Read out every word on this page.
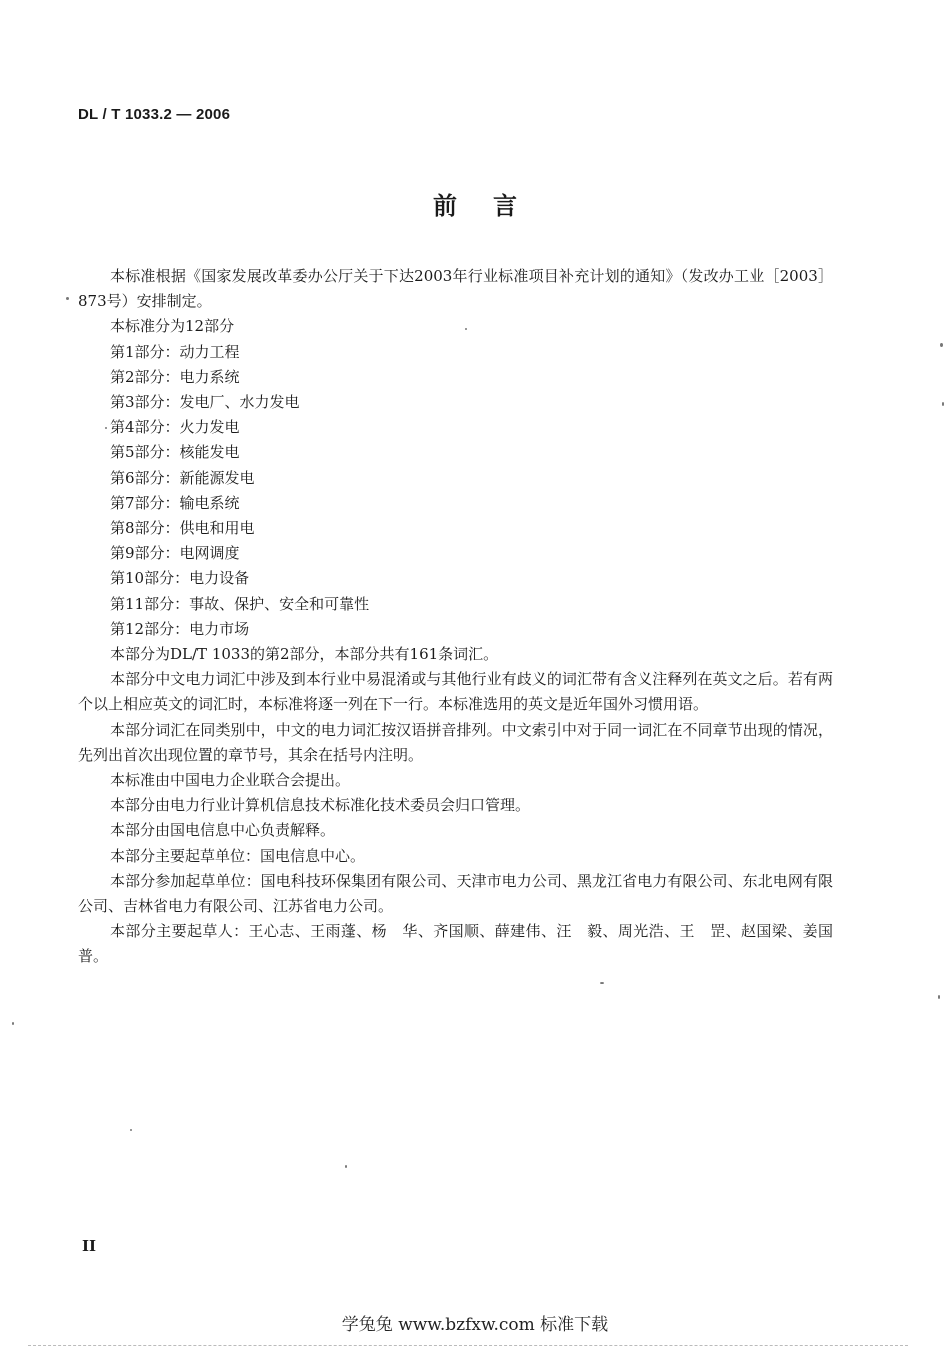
DL / T 1033.2 — 2006
前言

本标准根据《国家发展改革委办公厅关于下达2003年行业标准项目补充计划的通知》（发改办工业［2003］873号）安排制定。

本标准分为12部分

第1部分：动力工程

第2部分：电力系统

第3部分：发电厂、水力发电

第4部分：火力发电

第5部分：核能发电

第6部分：新能源发电

第7部分：输电系统

第8部分：供电和用电

第9部分：电网调度

第10部分：电力设备

第11部分：事故、保护、安全和可靠性

第12部分：电力市场

本部分为DL/T 1033的第2部分，本部分共有161条词汇。

本部分中文电力词汇中涉及到本行业中易混淆或与其他行业有歧义的词汇带有含义注释列在英文之后。若有两个以上相应英文的词汇时，本标准将逐一列在下一行。本标准选用的英文是近年国外习惯用语。

本部分词汇在同类别中，中文的电力词汇按汉语拼音排列。中文索引中对于同一词汇在不同章节出现的情况，先列出首次出现位置的章节号，其余在括号内注明。

本标准由中国电力企业联合会提出。

本部分由电力行业计算机信息技术标准化技术委员会归口管理。

本部分由国电信息中心负责解释。

本部分主要起草单位：国电信息中心。

本部分参加起草单位：国电科技环保集团有限公司、天津市电力公司、黑龙江省电力有限公司、东北电网有限公司、吉林省电力有限公司、江苏省电力公司。

本部分主要起草人：王心志、王雨蓬、杨　华、齐国顺、薛建伟、汪　毅、周光浩、王　罡、赵国梁、姜国普。

II
学兔兔 www.bzfxw.com 标准下载
